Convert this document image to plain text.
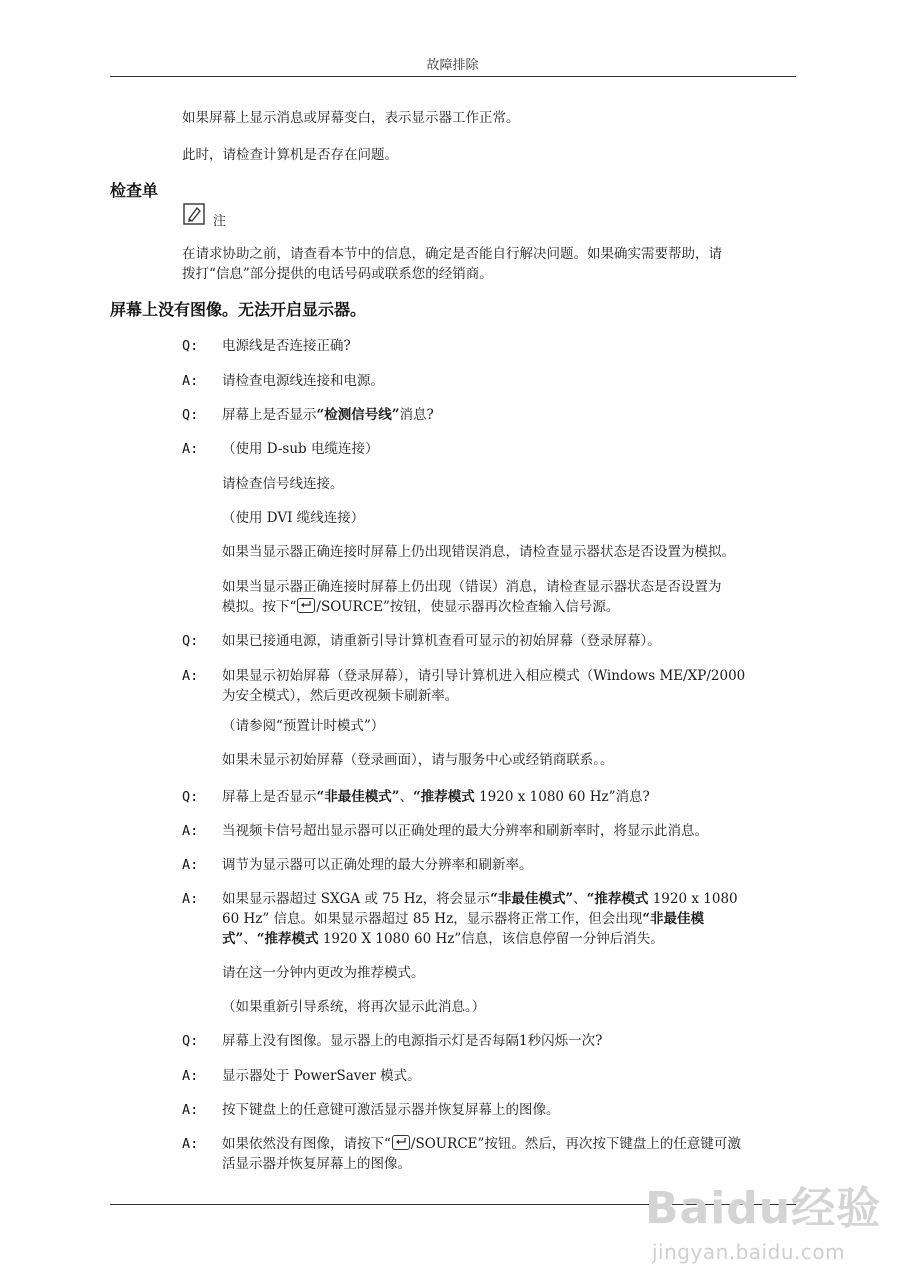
故障排除

如果屏幕上显示消息或屏幕变白，表示显示器工作正常。

此时，请检查计算机是否存在问题。

检查单
注

在请求协助之前，请查看本节中的信息，确定是否能自行解决问题。如果确实需要帮助，请

拨打“信息”部分提供的电话号码或联系您的经销商。

屏幕上没有图像。无法开启显示器。
Q: 电源线是否连接正确?
A: 请检查电源线连接和电源。
Q: 屏幕上是否显示“检测信号线”消息?
A: （使用 D-sub 电缆连接）
请检查信号线连接。
（使用 DVI 缆线连接）
如果当显示器正确连接时屏幕上仍出现错误消息，请检查显示器状态是否设置为模拟。
如果当显示器正确连接时屏幕上仍出现（错误）消息，请检查显示器状态是否设置为
模拟。按下“ /SOURCE”按钮，使显示器再次检查输入信号源。
Q: 如果已接通电源，请重新引导计算机查看可显示的初始屏幕（登录屏幕）。
A: 如果显示初始屏幕（登录屏幕），请引导计算机进入相应模式（Windows ME/XP/2000
为安全模式），然后更改视频卡刷新率。
（请参阅“预置计时模式”）
如果未显示初始屏幕（登录画面），请与服务中心或经销商联系。。
Q: 屏幕上是否显示“非最佳模式”、“推荐模式 1920 x 1080 60 Hz”消息?
A: 当视频卡信号超出显示器可以正确处理的最大分辨率和刷新率时，将显示此消息。
A: 调节为显示器可以正确处理的最大分辨率和刷新率。
A: 如果显示器超过 SXGA 或 75 Hz，将会显示“非最佳模式”、“推荐模式 1920 x 1080
60 Hz” 信息。如果显示器超过 85 Hz，显示器将正常工作，但会出现“非最佳模
式”、“推荐模式 1920 X 1080 60 Hz”信息，该信息停留一分钟后消失。
请在这一分钟内更改为推荐模式。
（如果重新引导系统，将再次显示此消息。）
Q: 屏幕上没有图像。显示器上的电源指示灯是否每隔1秒闪烁一次?
A: 显示器处于 PowerSaver 模式。
A: 按下键盘上的任意键可激活显示器并恢复屏幕上的图像。
A: 如果依然没有图像，请按下“ /SOURCE”按钮。然后，再次按下键盘上的任意键可激
活显示器并恢复屏幕上的图像。
Baidu经验
jingyan.baidu.com
